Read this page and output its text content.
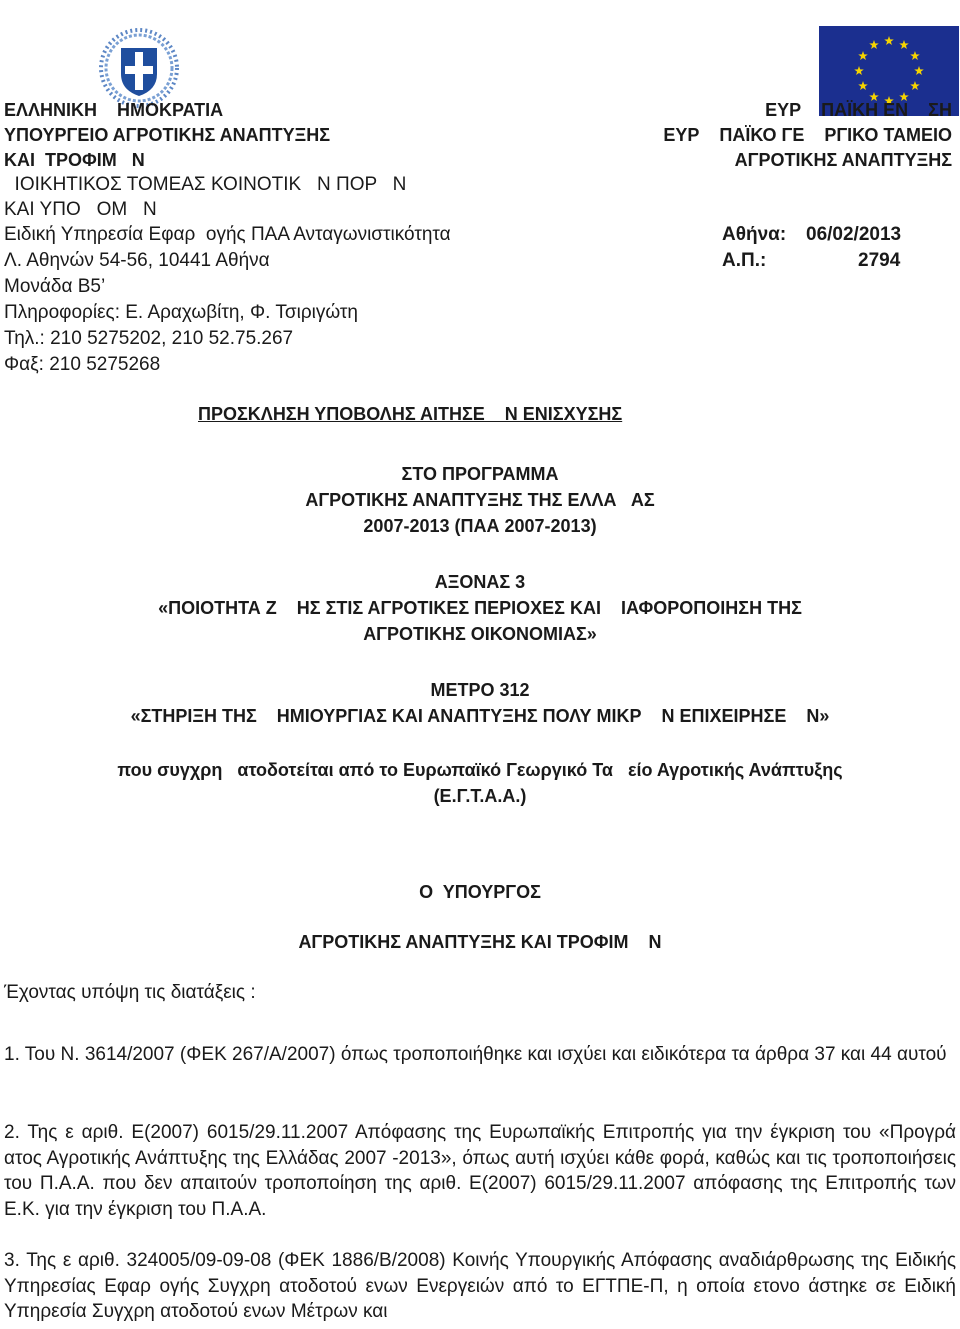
ΕΛΛΗΝΙΚΗ    ΗΜΟΚΡΑΤΙΑ
ΥΠΟΥΡΓΕΙΟ ΑΓΡΟΤΙΚΗΣ ΑΝΑΠΤΥΞΗΣ
ΚΑΙ  ΤΡΟΦΙΜ   Ν
ΙΟΙΚΗΤΙΚΟΣ ΤΟΜΕΑΣ ΚΟΙΝΟΤΙΚ   Ν ΠΟΡ   Ν
ΚΑΙ ΥΠΟ   ΟΜ   Ν
ΕΥΡ    ΠΑΪΚΗ ΕΝ    ΣΗ
ΕΥΡ    ΠΑΪΚΟ ΓΕ    ΡΓΙΚΟ ΤΑΜΕΙΟ
ΑΓΡΟΤΙΚΗΣ ΑΝΑΠΤΥΞΗΣ
Ειδική Υπηρεσία Εφαρ  ογής ΠΑΑ Ανταγωνιστικότητα
Λ. Αθηνών 54-56, 10441 Αθήνα
Μονάδα Β5’
Πληροφορίες: Ε. Αραχωβίτη, Φ. Τσιριγώτη
Τηλ.: 210 5275202, 210 52.75.267
Φαξ: 210 5275268
Αθήνα: 06/02/2013
Α.Π.:	2794
ΠΡΟΣΚΛΗΣΗ ΥΠΟΒΟΛΗΣ ΑΙΤΗΣΕ    Ν ΕΝΙΣΧΥΣΗΣ
ΣΤΟ ΠΡΟΓΡΑΜΜΑ
ΑΓΡΟΤΙΚΗΣ ΑΝΑΠΤΥΞΗΣ ΤΗΣ ΕΛΛΑ   ΑΣ
2007-2013 (ΠΑΑ 2007-2013)
ΑΞΟΝΑΣ 3
«ΠΟΙΟΤΗΤΑ Ζ    ΗΣ ΣΤΙΣ ΑΓΡΟΤΙΚΕΣ ΠΕΡΙΟΧΕΣ ΚΑΙ    ΙΑΦΟΡΟΠΟΙΗΣΗ ΤΗΣ
ΑΓΡΟΤΙΚΗΣ ΟΙΚΟΝΟΜΙΑΣ»
ΜΕΤΡΟ 312
«ΣΤΗΡΙΞΗ ΤΗΣ    ΗΜΙΟΥΡΓΙΑΣ ΚΑΙ ΑΝΑΠΤΥΞΗΣ ΠΟΛΥ ΜΙΚΡ    Ν ΕΠΙΧΕΙΡΗΣΕ    Ν»
που συγχρη   ατοδοτείται από το Ευρωπαϊκό Γεωργικό Τα   είο Αγροτικής Ανάπτυξης
(Ε.Γ.Τ.Α.Α.)
Ο  ΥΠΟΥΡΓΟΣ
ΑΓΡΟΤΙΚΗΣ ΑΝΑΠΤΥΞΗΣ ΚΑΙ ΤΡΟΦΙΜ    Ν
Έχοντας υπόψη τις διατάξεις :
1. Του Ν. 3614/2007 (ΦΕΚ 267/Α/2007) όπως τροποποιήθηκε και ισχύει και ειδικότερα τα άρθρα 37 και 44 αυτού
2. Της ε αριθ. Ε(2007) 6015/29.11.2007 Απόφασης της Ευρωπαϊκής Επιτροπής για την έγκριση του «Προγρά ατος Αγροτικής Ανάπτυξης της Ελλάδας 2007 -2013», όπως αυτή ισχύει κάθε φορά, καθώς και τις τροποποιήσεις του Π.Α.Α. που δεν απαιτούν τροποποίηση της αριθ. Ε(2007) 6015/29.11.2007 απόφασης της Επιτροπής των Ε.Κ. για την έγκριση του Π.Α.Α.
3. Της ε αριθ. 324005/09-09-08 (ΦΕΚ 1886/Β/2008) Κοινής Υπουργικής Απόφασης αναδιάρθρωσης της Ειδικής Υπηρεσίας Εφαρ ογής Συγχρη ατοδοτού ενων Ενεργειών από το ΕΓΤΠΕ-Π, η οποία ετονο άστηκε σε Ειδική Υπηρεσία Συγχρη ατοδοτού ενων Μέτρων και
